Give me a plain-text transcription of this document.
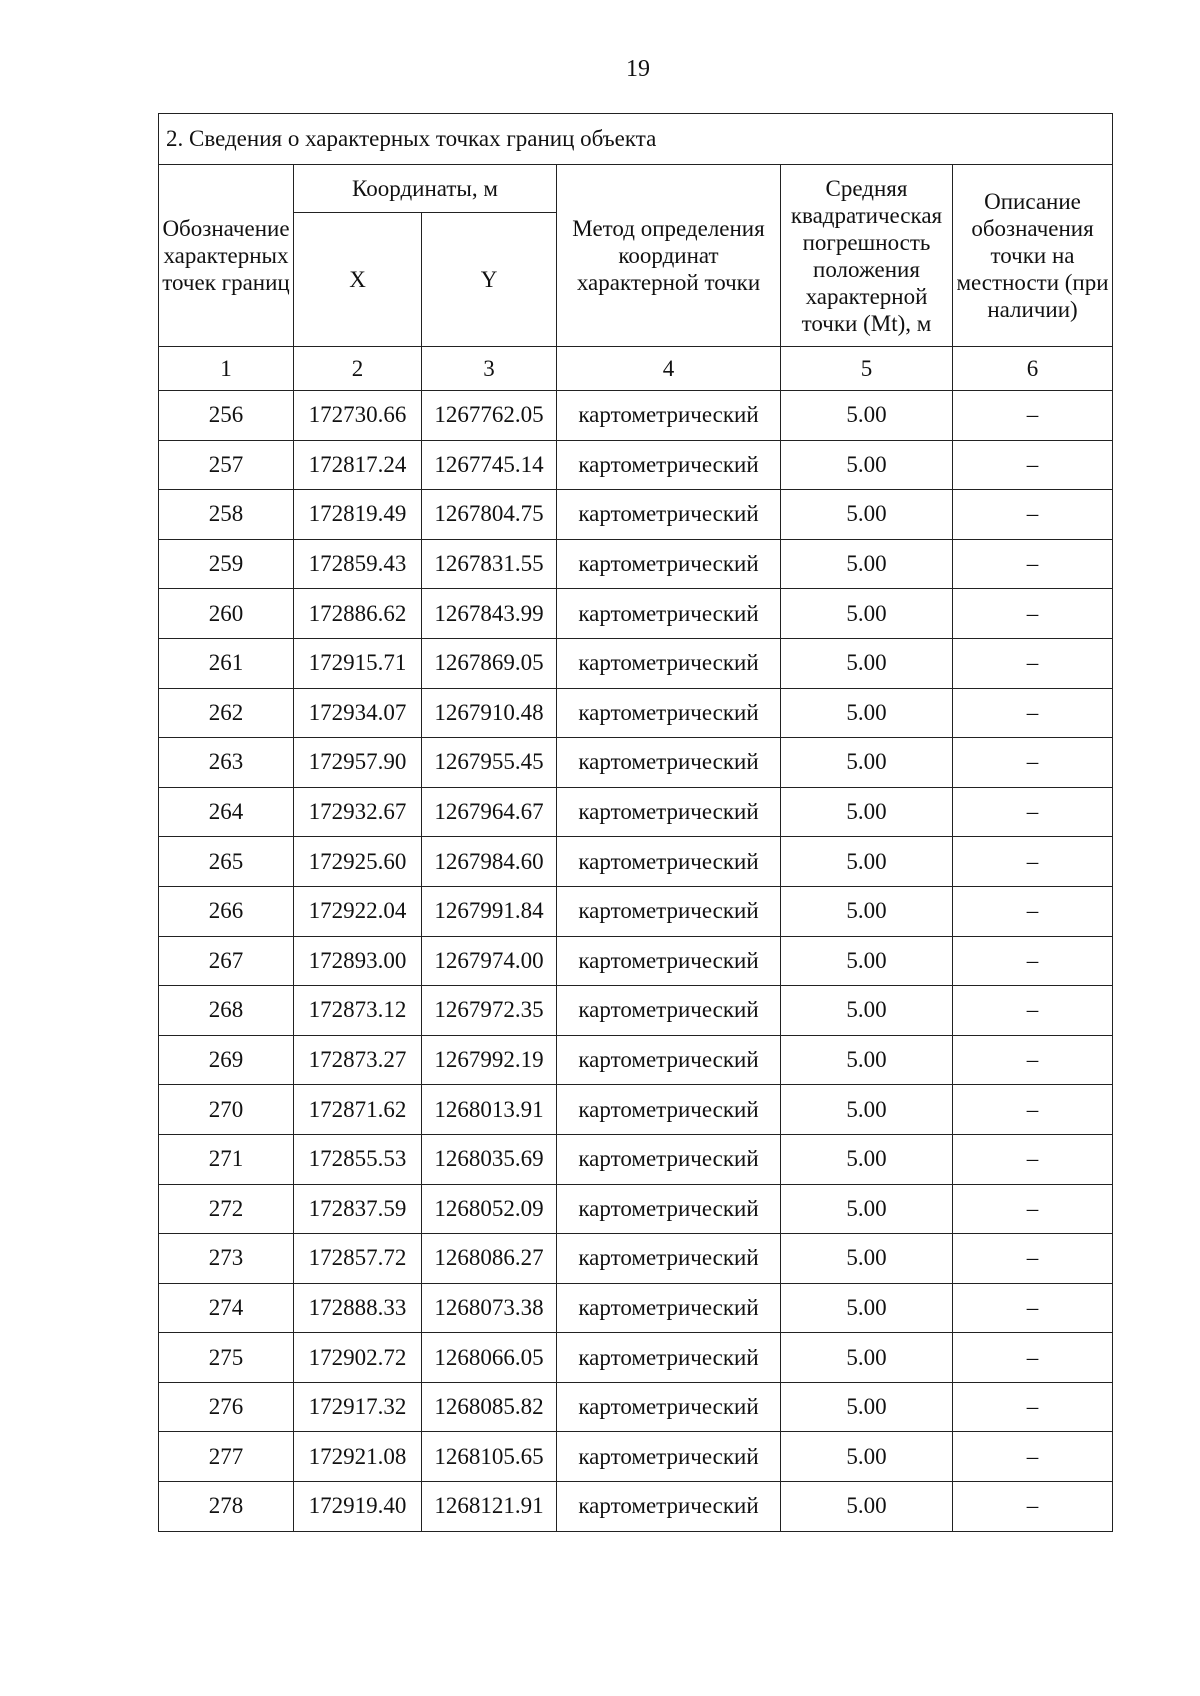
19
2. Сведения о характерных точках границ объекта					
Обозначение характерных точек границ	Координаты, м		Метод определения координат характерной точки	Средняя квадратическая погрешность положения характерной точки (Mt), м	Описание обозначения точки на местности (при наличии)
	X	Y			
1	2	3	4	5	6
256	172730.66	1267762.05	картометрический	5.00	–
257	172817.24	1267745.14	картометрический	5.00	–
258	172819.49	1267804.75	картометрический	5.00	–
259	172859.43	1267831.55	картометрический	5.00	–
260	172886.62	1267843.99	картометрический	5.00	–
261	172915.71	1267869.05	картометрический	5.00	–
262	172934.07	1267910.48	картометрический	5.00	–
263	172957.90	1267955.45	картометрический	5.00	–
264	172932.67	1267964.67	картометрический	5.00	–
265	172925.60	1267984.60	картометрический	5.00	–
266	172922.04	1267991.84	картометрический	5.00	–
267	172893.00	1267974.00	картометрический	5.00	–
268	172873.12	1267972.35	картометрический	5.00	–
269	172873.27	1267992.19	картометрический	5.00	–
270	172871.62	1268013.91	картометрический	5.00	–
271	172855.53	1268035.69	картометрический	5.00	–
272	172837.59	1268052.09	картометрический	5.00	–
273	172857.72	1268086.27	картометрический	5.00	–
274	172888.33	1268073.38	картометрический	5.00	–
275	172902.72	1268066.05	картометрический	5.00	–
276	172917.32	1268085.82	картометрический	5.00	–
277	172921.08	1268105.65	картометрический	5.00	–
278	172919.40	1268121.91	картометрический	5.00	–
